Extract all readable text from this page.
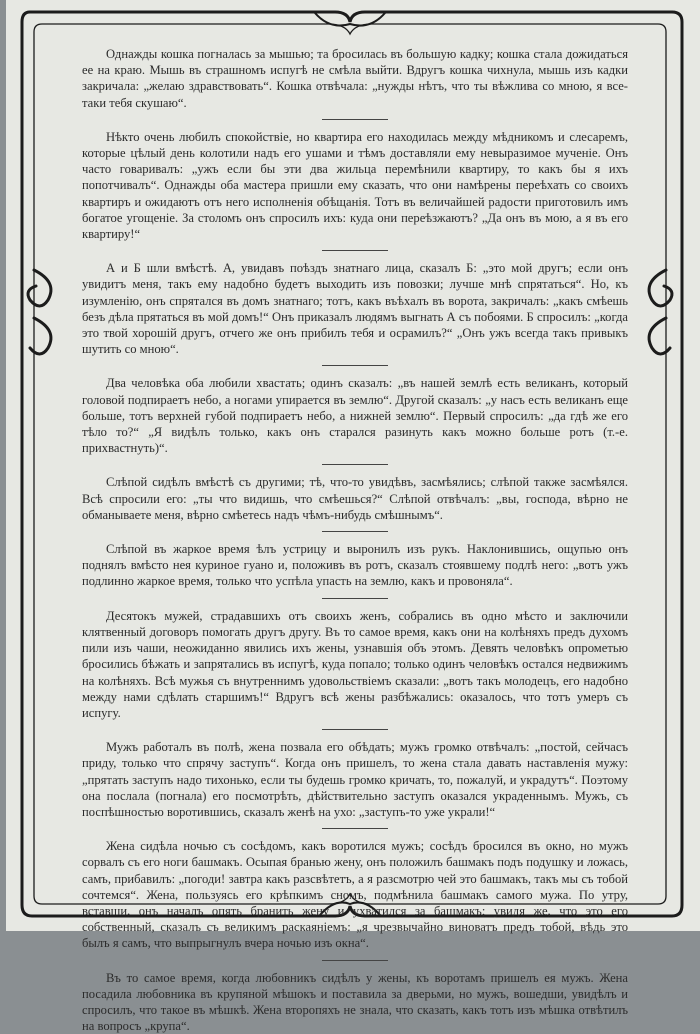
Однажды кошка погналась за мышью; та бросилась въ большую кадку; кошка стала дожидаться ее на краю. Мышь въ страшномъ испугѣ не смѣла выйти. Вдругъ кошка чихнула, мышь изъ кадки закричала: „желаю здравствовать“. Кошка отвѣчала: „нужды нѣтъ, что ты вѣжлива со мною, я все-таки тебя скушаю“.

Нѣкто очень любилъ спокойствіе, но квартира его находилась между мѣдникомъ и слесаремъ, которые цѣлый день колотили надъ его ушами и тѣмъ доставляли ему невыразимое мученіе. Онъ часто говаривалъ: „ужъ если бы эти два жильца перемѣнили квартиру, то какъ бы я ихъ попотчивалъ“. Однажды оба мастера пришли ему сказать, что они намѣрены переѣхать со своихъ квартиръ и ожидаютъ отъ него исполненія обѣщанія. Тотъ въ величайшей радости приготовилъ имъ богатое угощеніе. За столомъ онъ спросилъ ихъ: куда они переѣзжаютъ? „Да онъ въ мою, а я въ его квартиру!“

А и Б шли вмѣстѣ. А, увидавъ поѣздъ знатнаго лица, сказалъ Б: „это мой другъ; если онъ увидитъ меня, такъ ему надобно будетъ выходить изъ повозки; лучше мнѣ спрятаться“. Но, къ изумленію, онъ спрятался въ домъ знатнаго; тотъ, какъ въѣхалъ въ ворота, закричалъ: „какъ смѣешь безъ дѣла прятаться въ мой домъ!“ Онъ приказалъ людямъ выгнать А съ побоями. Б спросилъ: „когда это твой хорошій другъ, отчего же онъ прибилъ тебя и осрамилъ?“ „Онъ ужъ всегда такъ привыкъ шутить со мною“.

Два человѣка оба любили хвастать; одинъ сказалъ: „въ нашей землѣ есть великанъ, который головой подпираетъ небо, а ногами упирается въ землю“. Другой сказалъ: „у насъ есть великанъ еще больше, тотъ верхней губой подпираетъ небо, а нижней землю“. Первый спросилъ: „да гдѣ же его тѣло то?“ „Я видѣлъ только, какъ онъ старался разинуть какъ можно больше ротъ (т.-е. прихвастнуть)“.

Слѣпой сидѣлъ вмѣстѣ съ другими; тѣ, что-то увидѣвъ, засмѣялись; слѣпой также засмѣялся. Всѣ спросили его: „ты что видишь, что смѣешься?“ Слѣпой отвѣчалъ: „вы, господа, вѣрно не обманываете меня, вѣрно смѣетесь надъ чѣмъ-нибудь смѣшнымъ“.

Слѣпой въ жаркое время ѣлъ устрицу и выронилъ изъ рукъ. Наклонившись, ощупью онъ поднялъ вмѣсто нея куриное гуано и, положивъ въ ротъ, сказалъ стоявшему подлѣ него: „вотъ ужъ подлинно жаркое время, только что успѣла упасть на землю, какъ и провоняла“.

Десятокъ мужей, страдавшихъ отъ своихъ женъ, собрались въ одно мѣсто и заключили клятвенный договоръ помогать другъ другу. Въ то самое время, какъ они на колѣняхъ предъ духомъ пили изъ чаши, неожиданно явились ихъ жены, узнавшія объ этомъ. Девять человѣкъ опрометью бросились бѣжать и запрятались въ испугѣ, куда попало; только одинъ человѣкъ остался недвижимъ на колѣняхъ. Всѣ мужья съ внутреннимъ удовольствіемъ сказали: „вотъ такъ молодецъ, его надобно между нами сдѣлать старшимъ!“ Вдругъ всѣ жены разбѣжались: оказалось, что тотъ умеръ съ испугу.

Мужъ работалъ въ полѣ, жена позвала его обѣдать; мужъ громко отвѣчалъ: „постой, сейчасъ приду, только что спрячу заступъ“. Когда онъ пришелъ, то жена стала давать наставленія мужу: „прятать заступъ надо тихонько, если ты будешь громко кричать, то, пожалуй, и украдутъ“. Поэтому она послала (погнала) его посмотрѣть, дѣйствительно заступъ оказался украденнымъ. Мужъ, съ поспѣшностью воротившись, сказалъ женѣ на ухо: „заступъ-то уже украли!“

Жена сидѣла ночью съ сосѣдомъ, какъ воротился мужъ; сосѣдъ бросился въ окно, но мужъ сорвалъ съ его ноги башмакъ. Осыпая бранью жену, онъ положилъ башмакъ подъ подушку и ложась, самъ, прибавилъ: „погоди! завтра какъ разсвѣтетъ, а я разсмотрю чей это башмакъ, такъ мы съ тобой сочтемся“. Жена, пользуясь его крѣпкимъ сномъ, подмѣнила башмакъ самого мужа. По утру, вставши, онъ началъ опять бранить жену и ухватился за башмакъ; увидя же, что это его собственный, сказалъ съ великимъ раскаяніемъ: „я чрезвычайно виноватъ предъ тобой, вѣдь это былъ я самъ, что выпрыгнулъ вчера ночью изъ окна“.

Въ то самое время, когда любовникъ сидѣлъ у жены, къ воротамъ пришелъ ея мужъ. Жена посадила любовника въ крупяной мѣшокъ и поставила за дверьми, но мужъ, вошедши, увидѣлъ и спросилъ, что такое въ мѣшкѣ. Жена второпяхъ не знала, что сказать, какъ тотъ изъ мѣшка отвѣтилъ на вопросъ „крупа“.
